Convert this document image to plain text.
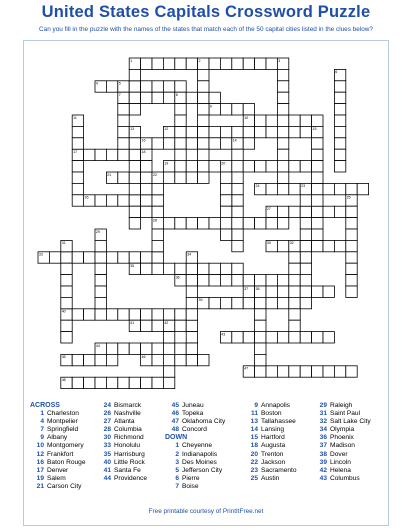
United States Capitals Crossword Puzzle
Can you fill in the puzzle with the names of the states that match each of the 50 capital cities listed in the clues below?
1
4
7
9
10
12
16
17
19
21
24
26
27
28
30
33
35
36
37
39
40
41
43
44
45	46
47
48
2	3
5
6
8
11
13
14
15
18
20
22
23
25
29
31	32
34
38
42
ACROSS
1 Charleston
4 Montpelier
7 Springfield
9 Albany
10 Montgomery
12 Frankfort
16 Baton Rouge
17 Denver
19 Salem
21 Carson City
24 Bismarck
26 Nashville
27 Atlanta
28 Columbia
30 Richmond
33 Honolulu
35 Harrisburg
40 Little Rock
41 Santa Fe
44 Providence
45 Juneau
46 Topeka
47 Oklahoma City
48 Concord
DOWN
1 Cheyenne
2 Indianapolis
3 Des Moines
5 Jefferson City
6 Pierre
7 Boise
9 Annapolis
11 Boston
13 Tallahassee
14 Lansing
15 Hartford
18 Augusta
20 Trenton
22 Jackson
23 Sacramento
25 Austin
29 Raleigh
31 Saint Paul
32 Salt Lake City
34 Olympia
36 Phoenix
37 Madison
38 Dover
39 Lincoln
42 Helena
43 Columbus
Free printable courtesy of PrintItFree.net
